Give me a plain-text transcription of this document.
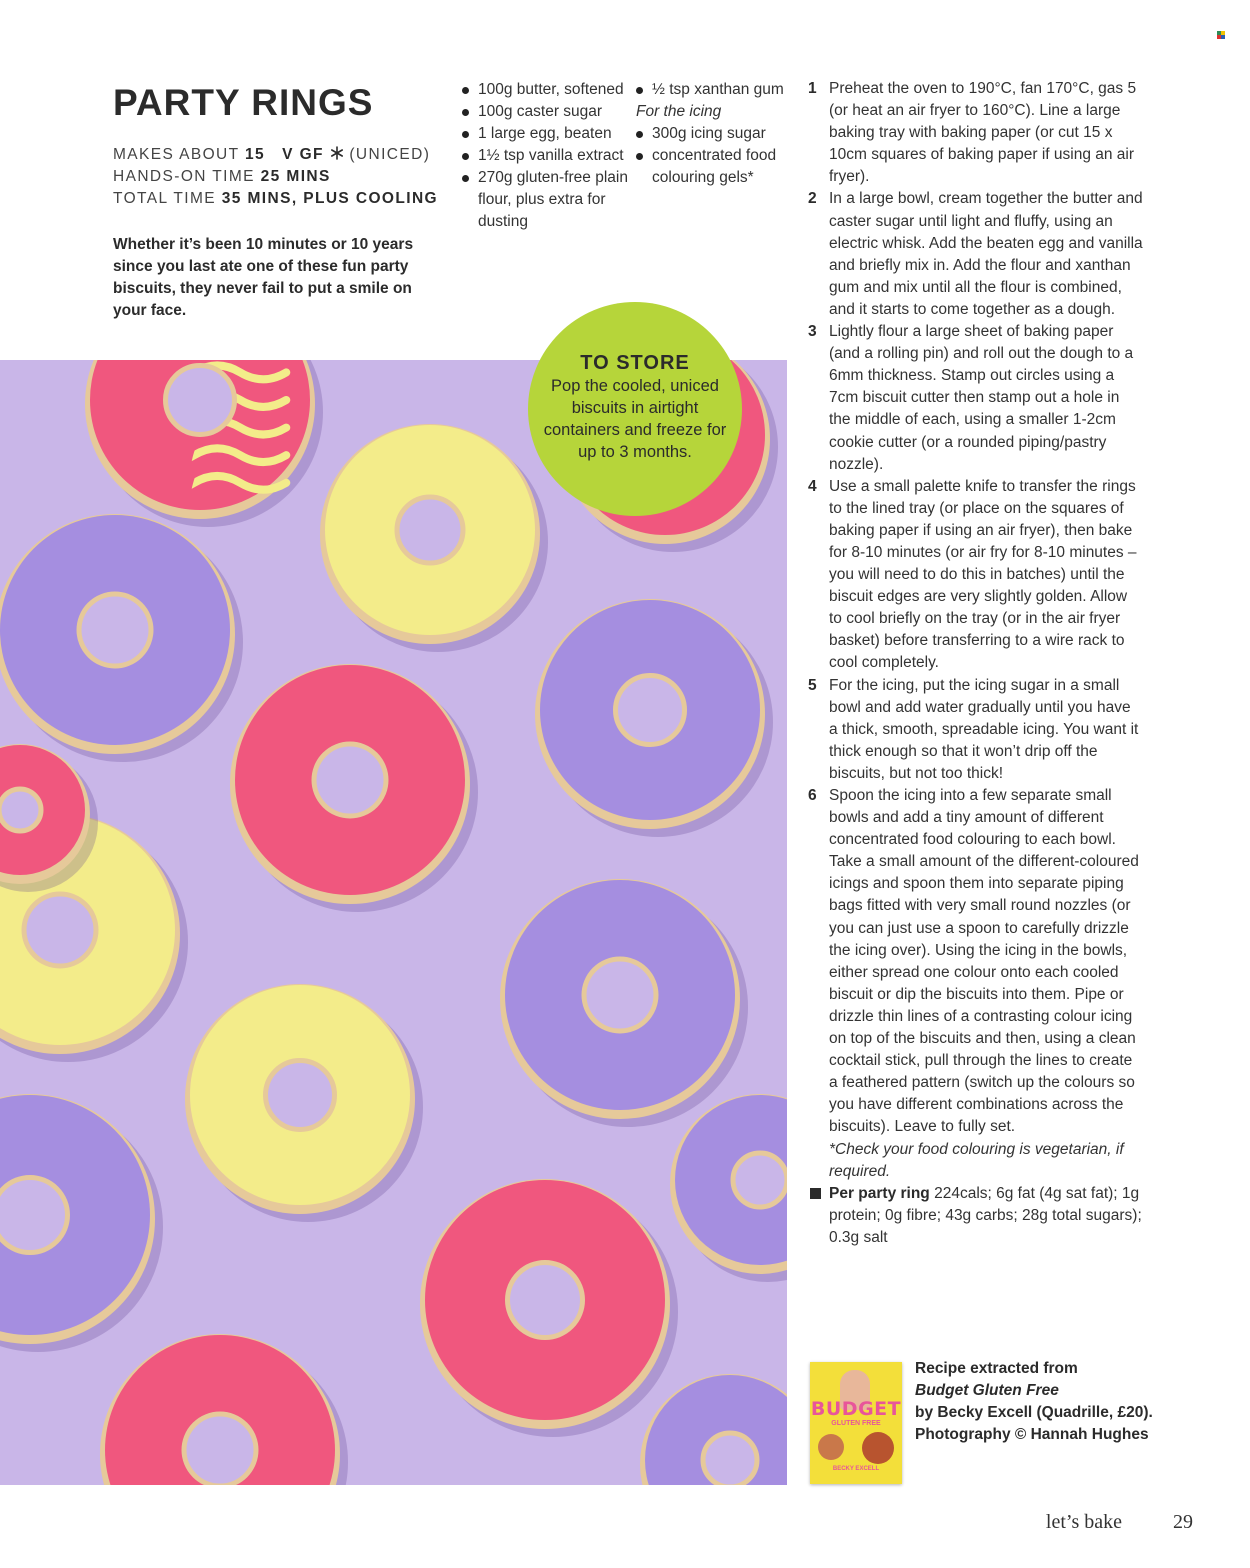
PARTY RINGS
MAKES ABOUT 15 V GF (UNICED)
HANDS-ON TIME 25 MINS
TOTAL TIME 35 MINS, PLUS COOLING

Whether it’s been 10 minutes or 10 years since you last ate one of these fun party biscuits, they never fail to put a smile on your face.

100g butter, softened
100g caster sugar
1 large egg, beaten
1½ tsp vanilla extract
270g gluten-free plain flour, plus extra for dusting
½ tsp xanthan gum
For the icing
300g icing sugar
concentrated food colouring gels*
TO STORE
Pop the cooled, uniced biscuits in airtight containers and freeze for up to 3 months.
1 Preheat the oven to 190°C, fan 170°C, gas 5 (or heat an air fryer to 160°C). Line a large baking tray with baking paper (or cut 15 x 10cm squares of baking paper if using an air fryer).
2 In a large bowl, cream together the butter and caster sugar until light and fluffy, using an electric whisk. Add the beaten egg and vanilla and briefly mix in. Add the flour and xanthan gum and mix until all the flour is combined, and it starts to come together as a dough.
3 Lightly flour a large sheet of baking paper (and a rolling pin) and roll out the dough to a 6mm thickness. Stamp out circles using a 7cm biscuit cutter then stamp out a hole in the middle of each, using a smaller 1-2cm cookie cutter (or a rounded piping/pastry nozzle).
4 Use a small palette knife to transfer the rings to the lined tray (or place on the squares of baking paper if using an air fryer), then bake for 8-10 minutes (or air fry for 8-10 minutes – you will need to do this in batches) until the biscuit edges are very slightly golden. Allow to cool briefly on the tray (or in the air fryer basket) before transferring to a wire rack to cool completely.
5 For the icing, put the icing sugar in a small bowl and add water gradually until you have a thick, smooth, spreadable icing. You want it thick enough so that it won’t drip off the biscuits, but not too thick!
6 Spoon the icing into a few separate small bowls and add a tiny amount of different concentrated food colouring to each bowl. Take a small amount of the different-coloured icings and spoon them into separate piping bags fitted with very small round nozzles (or you can just use a spoon to carefully drizzle the icing over). Using the icing in the bowls, either spread one colour onto each cooled biscuit or dip the biscuits into them. Pipe or drizzle thin lines of a contrasting colour icing on top of the biscuits and then, using a clean cocktail stick, pull through the lines to create a feathered pattern (switch up the colours so you have different combinations across the biscuits). Leave to fully set.
*Check your food colouring is vegetarian, if required.
Per party ring 224cals; 6g fat (4g sat fat); 1g protein; 0g fibre; 43g carbs; 28g total sugars); 0.3g salt
BUDGET
GLUTEN FREE
BECKY EXCELL
Recipe extracted from
Budget Gluten Free
by Becky Excell (Quadrille, £20). Photography © Hannah Hughes
let’s bake	29
